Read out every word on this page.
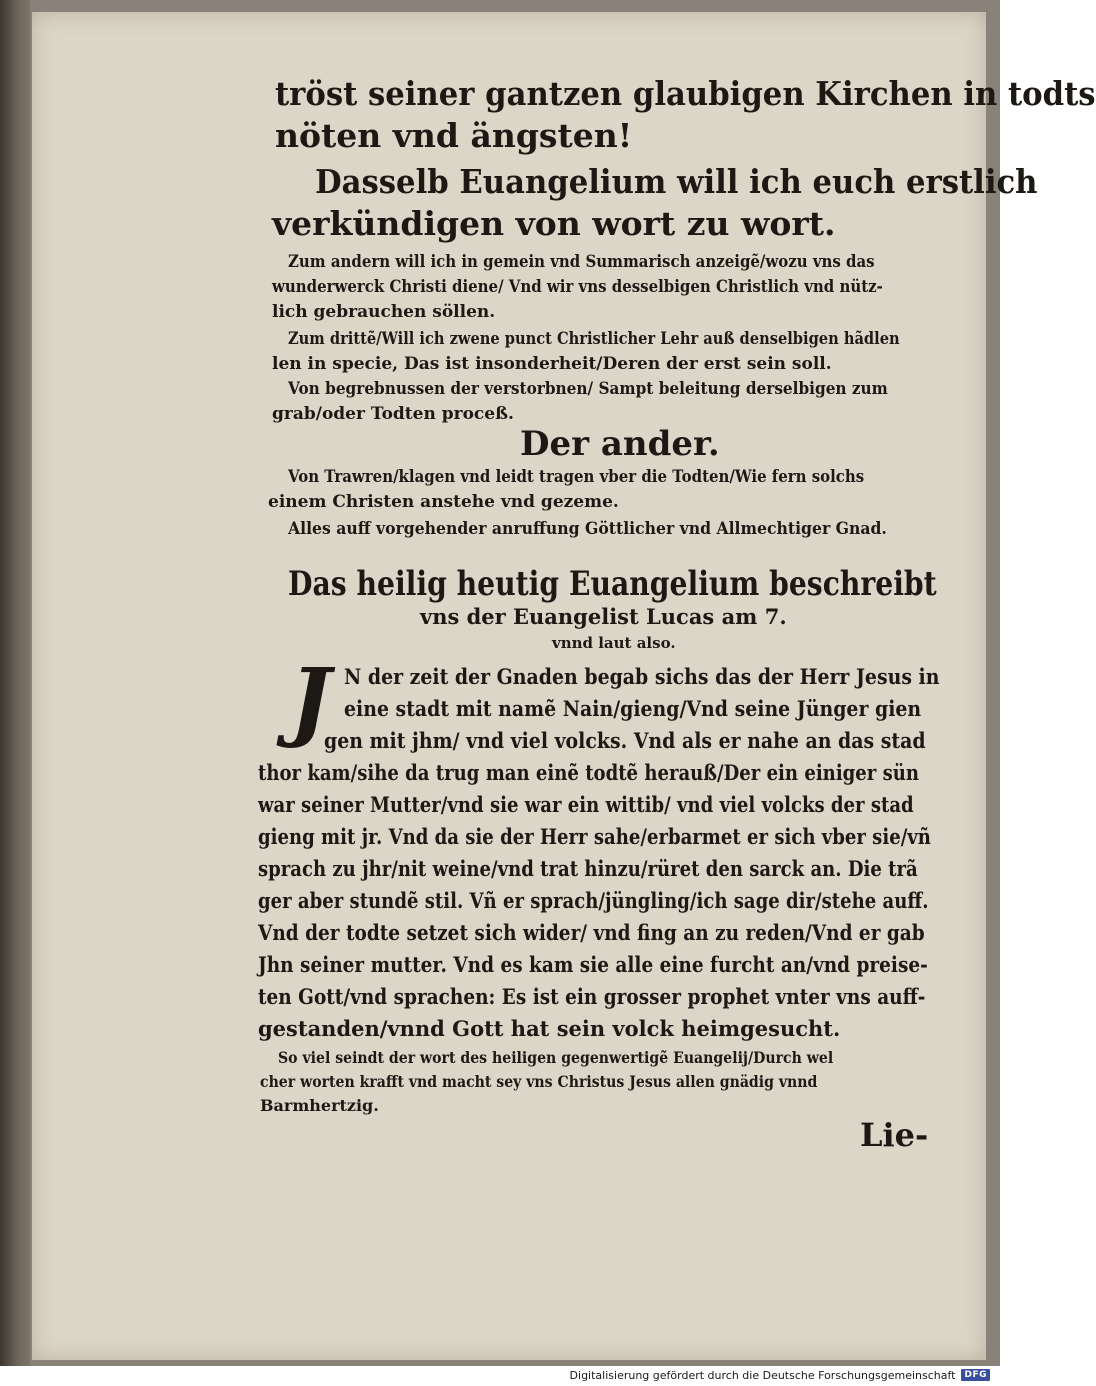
tröst seiner gantzen glaubigen Kirchen in todts
nöten vnd ängsten!
Dasselb Euangelium will ich euch erstlich
verkündigen von wort zu wort.
Zum andern will ich in gemein vnd Summarisch anzeigẽ/wozu vns das
wunderwerck Christi diene/ Vnd wir vns desselbigen Christlich vnd nütz-
lich gebrauchen söllen.
Zum drittẽ/Will ich zwene punct Christlicher Lehr auß denselbigen hãdlen
len in specie, Das ist insonderheit/Deren der erst sein soll.
Von begrebnussen der verstorbnen/ Sampt beleitung derselbigen zum
grab/oder Todten proceß.
Der ander.
Von Trawren/klagen vnd leidt tragen vber die Todten/Wie fern solchs
einem Christen anstehe vnd gezeme.
Alles auff vorgehender anruffung Göttlicher vnd Allmechtiger Gnad.
Das heilig heutig Euangelium beschreibt
vns der Euangelist Lucas am 7.
vnnd laut also.
J N der zeit der Gnaden begab sichs das der Herr Jesus in
eine stadt mit namẽ Nain/gieng/Vnd seine Jünger gien
gen mit jhm/ vnd viel volcks. Vnd als er nahe an das stad
thor kam/sihe da trug man einẽ todtẽ herauß/Der ein einiger sün
war seiner Mutter/vnd sie war ein wittib/ vnd viel volcks der stad
gieng mit jr. Vnd da sie der Herr sahe/erbarmet er sich vber sie/vñ
sprach zu jhr/nit weine/vnd trat hinzu/rüret den sarck an. Die trã
ger aber stundẽ stil. Vñ er sprach/jüngling/ich sage dir/stehe auff.
Vnd der todte setzet sich wider/ vnd fing an zu reden/Vnd er gab
Jhn seiner mutter. Vnd es kam sie alle eine furcht an/vnd preise-
ten Gott/vnd sprachen: Es ist ein grosser prophet vnter vns auff-
gestanden/vnnd Gott hat sein volck heimgesucht.
So viel seindt der wort des heiligen gegenwertigẽ Euangelij/Durch wel
cher worten krafft vnd macht sey vns Christus Jesus allen gnädig vnnd
Barmhertzig.
Lie-
Digitalisierung gefördert durch die Deutsche Forschungsgemeinschaft	DFG
